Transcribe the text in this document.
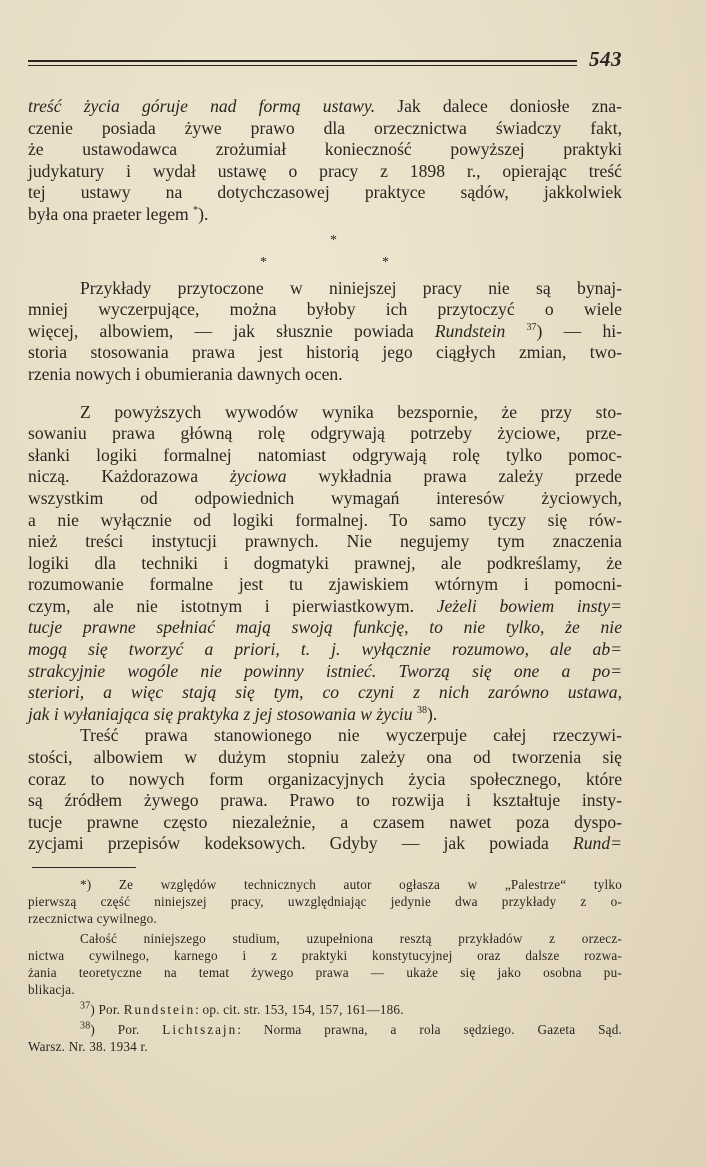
543
treść życia góruje nad formą ustawy. Jak dalece doniosłe zna-
czenie posiada żywe prawo dla orzecznictwa świadczy fakt,
że ustawodawca zrożumiał konieczność powyższej praktyki
judykatury i wydał ustawę o pracy z 1898 r., opierając treść
tej ustawy na dotychczasowej praktyce sądów, jakkolwiek
była ona praeter legem *).
*
*	*
Przykłady przytoczone w niniejszej pracy nie są bynaj-
mniej wyczerpujące, można byłoby ich przytoczyć o wiele
więcej, albowiem, — jak słusznie powiada Rundstein $^{37}$) — hi-
storia stosowania prawa jest historią jego ciągłych zmian, two-
rzenia nowych i obumierania dawnych ocen.
Z powyższych wywodów wynika bezspornie, że przy sto-
sowaniu prawa główną rolę odgrywają potrzeby życiowe, prze-
słanki logiki formalnej natomiast odgrywają rolę tylko pomoc-
niczą. Każdorazowa życiowa wykładnia prawa zależy przede
wszystkim od odpowiednich wymagań interesów życiowych,
a nie wyłącznie od logiki formalnej. To samo tyczy się rów-
nież treści instytucji prawnych. Nie negujemy tym znaczenia
logiki dla techniki i dogmatyki prawnej, ale podkreślamy, że
rozumowanie formalne jest tu zjawiskiem wtórnym i pomocni-
czym, ale nie istotnym i pierwiastkowym. Jeżeli bowiem insty=
tucje prawne spełniać mają swoją funkcję, to nie tylko, że nie
mogą się tworzyć a priori, t. j. wyłącznie rozumowo, ale ab=
strakcyjnie wogóle nie powinny istnieć. Tworzą się one a po=
steriori, a więc stają się tym, co czyni z nich zarówno ustawa,
jak i wyłaniająca się praktyka z jej stosowania w życiu $^{38}$).
Treść prawa stanowionego nie wyczerpuje całej rzeczywi-
stości, albowiem w dużym stopniu zależy ona od tworzenia się
coraz to nowych form organizacyjnych życia społecznego, które
są źródłem żywego prawa. Prawo to rozwija i kształtuje insty-
tucje prawne często niezależnie, a czasem nawet poza dyspo-
zycjami przepisów kodeksowych. Gdyby — jak powiada Rund=
*) Ze względów technicznych autor ogłasza w „Palestrze“ tylko
pierwszą część niniejszej pracy, uwzględniając jedynie dwa przykłady z o-
rzecznictwa cywilnego.
Całość niniejszego studium, uzupełniona resztą przykładów z orzecz-
nictwa cywilnego, karnego i z praktyki konstytucyjnej oraz dalsze rozwa-
żania teoretyczne na temat żywego prawa — ukaże się jako osobna pu-
blikacja.
$^{37}$) Por. Rundstein: op. cit. str. 153, 154, 157, 161—186.
$^{38}$) Por. Lichtszajn: Norma prawna, a rola sędziego. Gazeta Sąd.
Warsz. Nr. 38. 1934 r.
